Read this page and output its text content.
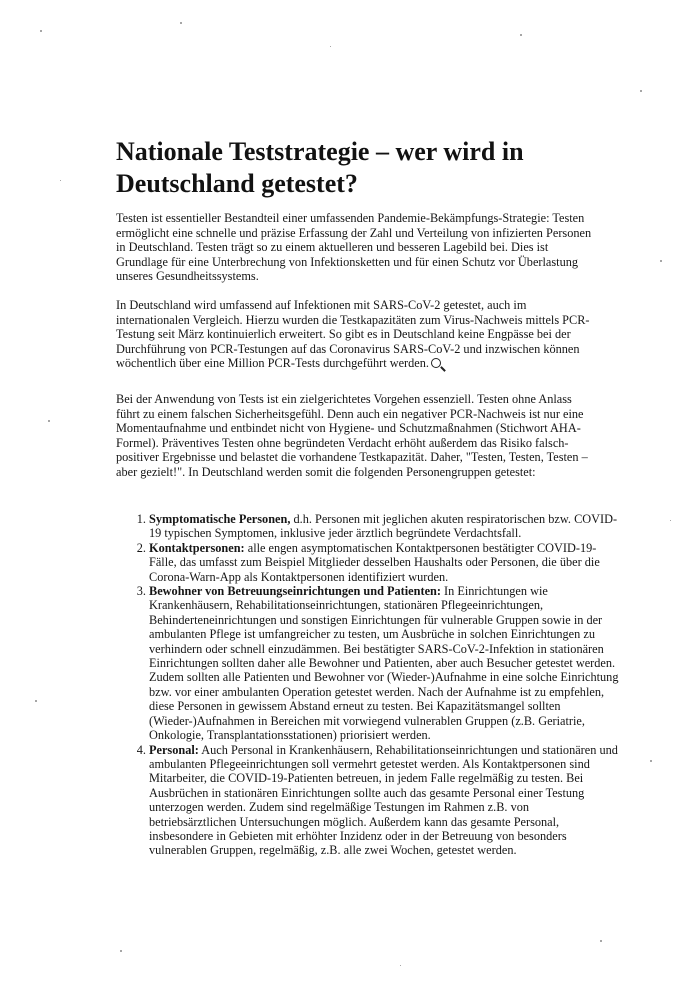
Nationale Teststrategie – wer wird in Deutschland getestet?

Testen ist essentieller Bestandteil einer umfassenden Pandemie-Bekämpfungs-Strategie: Testen ermöglicht eine schnelle und präzise Erfassung der Zahl und Verteilung von infizierten Personen in Deutschland. Testen trägt so zu einem aktuelleren und besseren Lagebild bei. Dies ist Grundlage für eine Unterbrechung von Infektionsketten und für einen Schutz vor Überlastung unseres Gesundheitssystems.

In Deutschland wird umfassend auf Infektionen mit SARS-CoV-2 getestet, auch im internationalen Vergleich. Hierzu wurden die Testkapazitäten zum Virus-Nachweis mittels PCR-Testung seit März kontinuierlich erweitert. So gibt es in Deutschland keine Engpässe bei der Durchführung von PCR-Testungen auf das Coronavirus SARS-CoV-2 und inzwischen können wöchentlich über eine Million PCR-Tests durchgeführt werden.

Bei der Anwendung von Tests ist ein zielgerichtetes Vorgehen essenziell. Testen ohne Anlass führt zu einem falschen Sicherheitsgefühl. Denn auch ein negativer PCR-Nachweis ist nur eine Momentaufnahme und entbindet nicht von Hygiene- und Schutzmaßnahmen (Stichwort AHA-Formel). Präventives Testen ohne begründeten Verdacht erhöht außerdem das Risiko falsch-positiver Ergebnisse und belastet die vorhandene Testkapazität. Daher, "Testen, Testen, Testen – aber gezielt!". In Deutschland werden somit die folgenden Personengruppen getestet:

1. Symptomatische Personen, d.h. Personen mit jeglichen akuten respiratorischen bzw. COVID-19 typischen Symptomen, inklusive jeder ärztlich begründete Verdachtsfall.
2. Kontaktpersonen: alle engen asymptomatischen Kontaktpersonen bestätigter COVID-19-Fälle, das umfasst zum Beispiel Mitglieder desselben Haushalts oder Personen, die über die Corona-Warn-App als Kontaktpersonen identifiziert wurden.
3. Bewohner von Betreuungseinrichtungen und Patienten: In Einrichtungen wie Krankenhäusern, Rehabilitationseinrichtungen, stationären Pflegeeinrichtungen, Behinderteneinrichtungen und sonstigen Einrichtungen für vulnerable Gruppen sowie in der ambulanten Pflege ist umfangreicher zu testen, um Ausbrüche in solchen Einrichtungen zu verhindern oder schnell einzudämmen. Bei bestätigter SARS-CoV-2-Infektion in stationären Einrichtungen sollten daher alle Bewohner und Patienten, aber auch Besucher getestet werden. Zudem sollten alle Patienten und Bewohner vor (Wieder-)Aufnahme in eine solche Einrichtung bzw. vor einer ambulanten Operation getestet werden. Nach der Aufnahme ist zu empfehlen, diese Personen in gewissem Abstand erneut zu testen. Bei Kapazitätsmangel sollten (Wieder-)Aufnahmen in Bereichen mit vorwiegend vulnerablen Gruppen (z.B. Geriatrie, Onkologie, Transplantationsstationen) priorisiert werden.
4. Personal: Auch Personal in Krankenhäusern, Rehabilitationseinrichtungen und stationären und ambulanten Pflegeeinrichtungen soll vermehrt getestet werden. Als Kontaktpersonen sind Mitarbeiter, die COVID-19-Patienten betreuen, in jedem Falle regelmäßig zu testen. Bei Ausbrüchen in stationären Einrichtungen sollte auch das gesamte Personal einer Testung unterzogen werden. Zudem sind regelmäßige Testungen im Rahmen z.B. von betriebsärztlichen Untersuchungen möglich. Außerdem kann das gesamte Personal, insbesondere in Gebieten mit erhöhter Inzidenz oder in der Betreuung von besonders vulnerablen Gruppen, regelmäßig, z.B. alle zwei Wochen, getestet werden.
